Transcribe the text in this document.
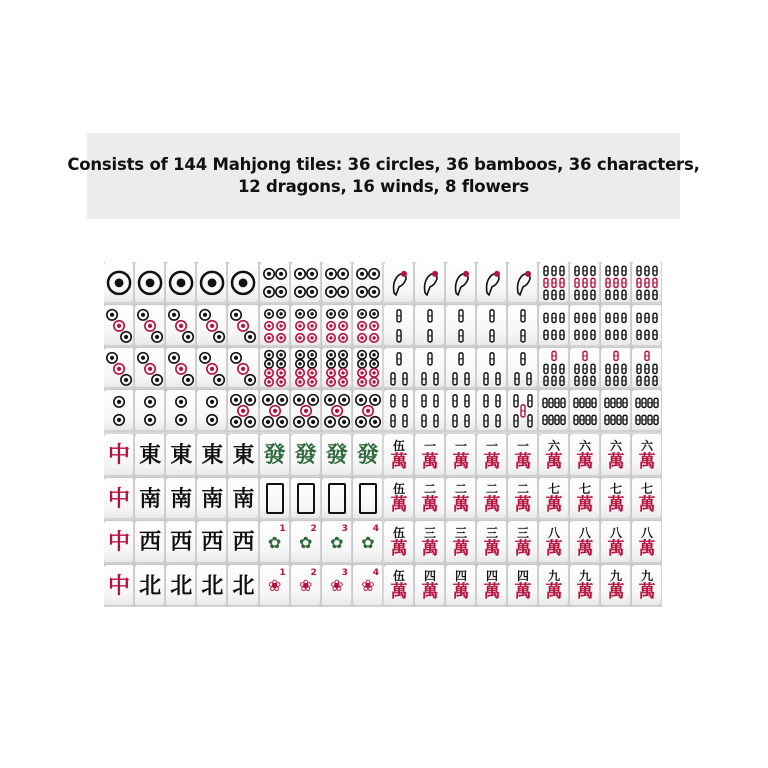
Consists of 144 Mahjong tiles: 36 circles, 36 bamboos, 36 characters,
12 dragons, 16 winds, 8 flowers
中 東 東 東 東 發 發 發 發
中 南 南 南 南
中 西 西 西 西
1
✿
2
✿
3
✿
4
✿
中 北 北 北 北
1
❀
2
❀
3
❀
4
❀
伍
萬
一
萬
一
萬
一
萬
一
萬
六
萬
六
萬
六
萬
六
萬
伍
萬
二
萬
二
萬
二
萬
二
萬
七
萬
七
萬
七
萬
七
萬
伍
萬
三
萬
三
萬
三
萬
三
萬
八
萬
八
萬
八
萬
八
萬
伍
萬
四
萬
四
萬
四
萬
四
萬
九
萬
九
萬
九
萬
九
萬
